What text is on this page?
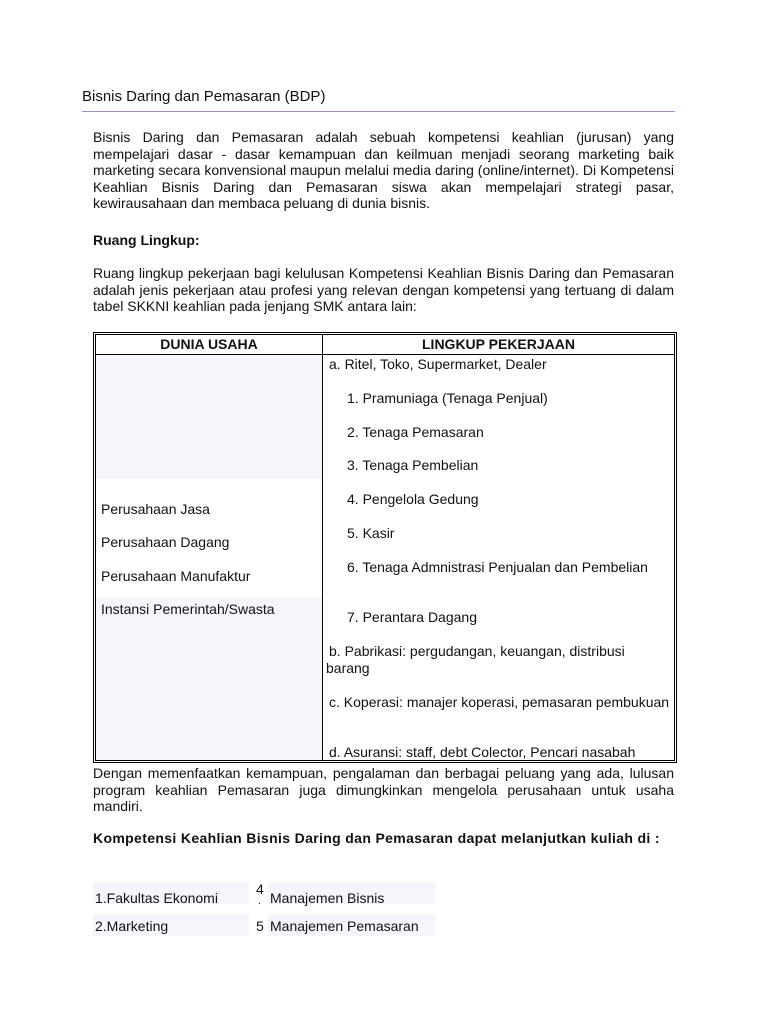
Bisnis Daring dan Pemasaran (BDP)
Bisnis Daring dan Pemasaran adalah sebuah kompetensi keahlian (jurusan) yang mempelajari dasar - dasar kemampuan dan keilmuan menjadi seorang marketing baik marketing secara konvensional maupun melalui media daring (online/internet). Di Kompetensi Keahlian Bisnis Daring dan Pemasaran siswa akan mempelajari strategi pasar, kewirausahaan dan membaca peluang di dunia bisnis.
Ruang Lingkup:
Ruang lingkup pekerjaan bagi kelulusan Kompetensi Keahlian Bisnis Daring dan Pemasaran adalah jenis pekerjaan atau profesi yang relevan dengan kompetensi yang tertuang di dalam tabel SKKNI keahlian pada jenjang SMK antara lain:
DUNIA USAHA	LINGKUP PEKERJAAN
Perusahaan Jasa
Perusahaan Dagang
Perusahaan Manufaktur
Instansi Pemerintah/Swasta
a. Ritel, Toko, Supermarket, Dealer
1. Pramuniaga (Tenaga Penjual)
2. Tenaga Pemasaran
3. Tenaga Pembelian
4. Pengelola Gedung
5. Kasir
6. Tenaga Admnistrasi Penjualan dan Pembelian
7. Perantara Dagang
b. Pabrikasi: pergudangan, keuangan, distribusi barang
c. Koperasi: manajer koperasi, pemasaran pembukuan
d. Asuransi: staff, debt Colector, Pencari nasabah
Dengan memenfaatkan kemampuan, pengalaman dan berbagai peluang yang ada, lulusan program keahlian Pemasaran juga dimungkinkan mengelola perusahaan untuk usaha mandiri.
Kompetensi Keahlian Bisnis Daring dan Pemasaran dapat melanjutkan kuliah di :
1.Fakultas Ekonomi
4
. Manajemen Bisnis
2.Marketing	5 Manajemen Pemasaran
